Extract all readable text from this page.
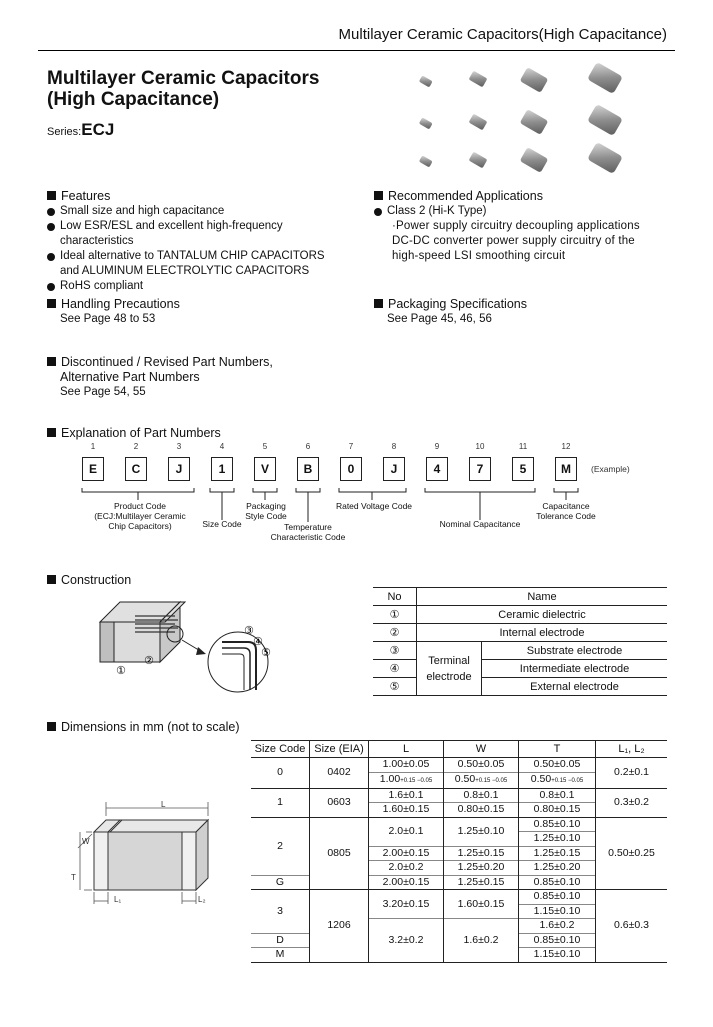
Multilayer Ceramic Capacitors(High Capacitance)
Multilayer Ceramic Capacitors
(High Capacitance)
Series:ECJ
Features
Small size and high capacitance
Low ESR/ESL and excellent high-frequency characteristics
Ideal alternative to TANTALUM CHIP CAPACITORS
and ALUMINUM ELECTROLYTIC CAPACITORS
RoHS compliant
Recommended Applications
Class 2 (Hi-K Type)
·Power supply circuitry decoupling applications
DC-DC converter power supply circuitry of the
high-speed LSI smoothing circuit
Handling Precautions
See Page 48 to 53
Packaging Specifications
See Page 45, 46, 56
Discontinued / Revised Part Numbers,
Alternative Part Numbers
See Page 54, 55
Explanation of Part Numbers
1	2	3	4	5	6	7	8	9	10	11	12
E	C	J	1	V	B	0	J	4	7	5	M	(Example)
Product Code
(ECJ:Multilayer Ceramic
Chip Capacitors)	Size Code
Packaging
Style Code
Temperature
Characteristic Code
Rated Voltage Code
Nominal Capacitance
Capacitance
Tolerance Code
Construction
①
②
③
④
⑤
No	Name	
①	Ceramic dielectric	
②	Internal electrode	
③	Terminal
electrode	Substrate electrode
④		Intermediate electrode
⑤		External electrode
Dimensions in mm (not to scale)
L
W
T
L₁	L₂
Size Code	Size (EIA)	L	W	T	L₁, L₂
0	0402	1.00±0.05	0.50±0.05	0.50±0.05	0.2±0.1
		1.00+0.15 −0.05	0.50+0.15 −0.05	0.50+0.15 −0.05	
1	0603	1.6±0.1	0.8±0.1	0.8±0.1	0.3±0.2
		1.60±0.15	0.80±0.15	0.80±0.15	
2	0805	2.0±0.1	1.25±0.10	0.85±0.10	0.50±0.25
				1.25±0.10	
		2.00±0.15	1.25±0.15	1.25±0.15	
		2.0±0.2	1.25±0.20	1.25±0.20	
G		2.00±0.15	1.25±0.15	0.85±0.10	
3	1206	3.20±0.15	1.60±0.15	0.85±0.10	0.6±0.3
				1.15±0.10	
		3.2±0.2	1.6±0.2	1.6±0.2	
D				0.85±0.10	
M				1.15±0.10	
